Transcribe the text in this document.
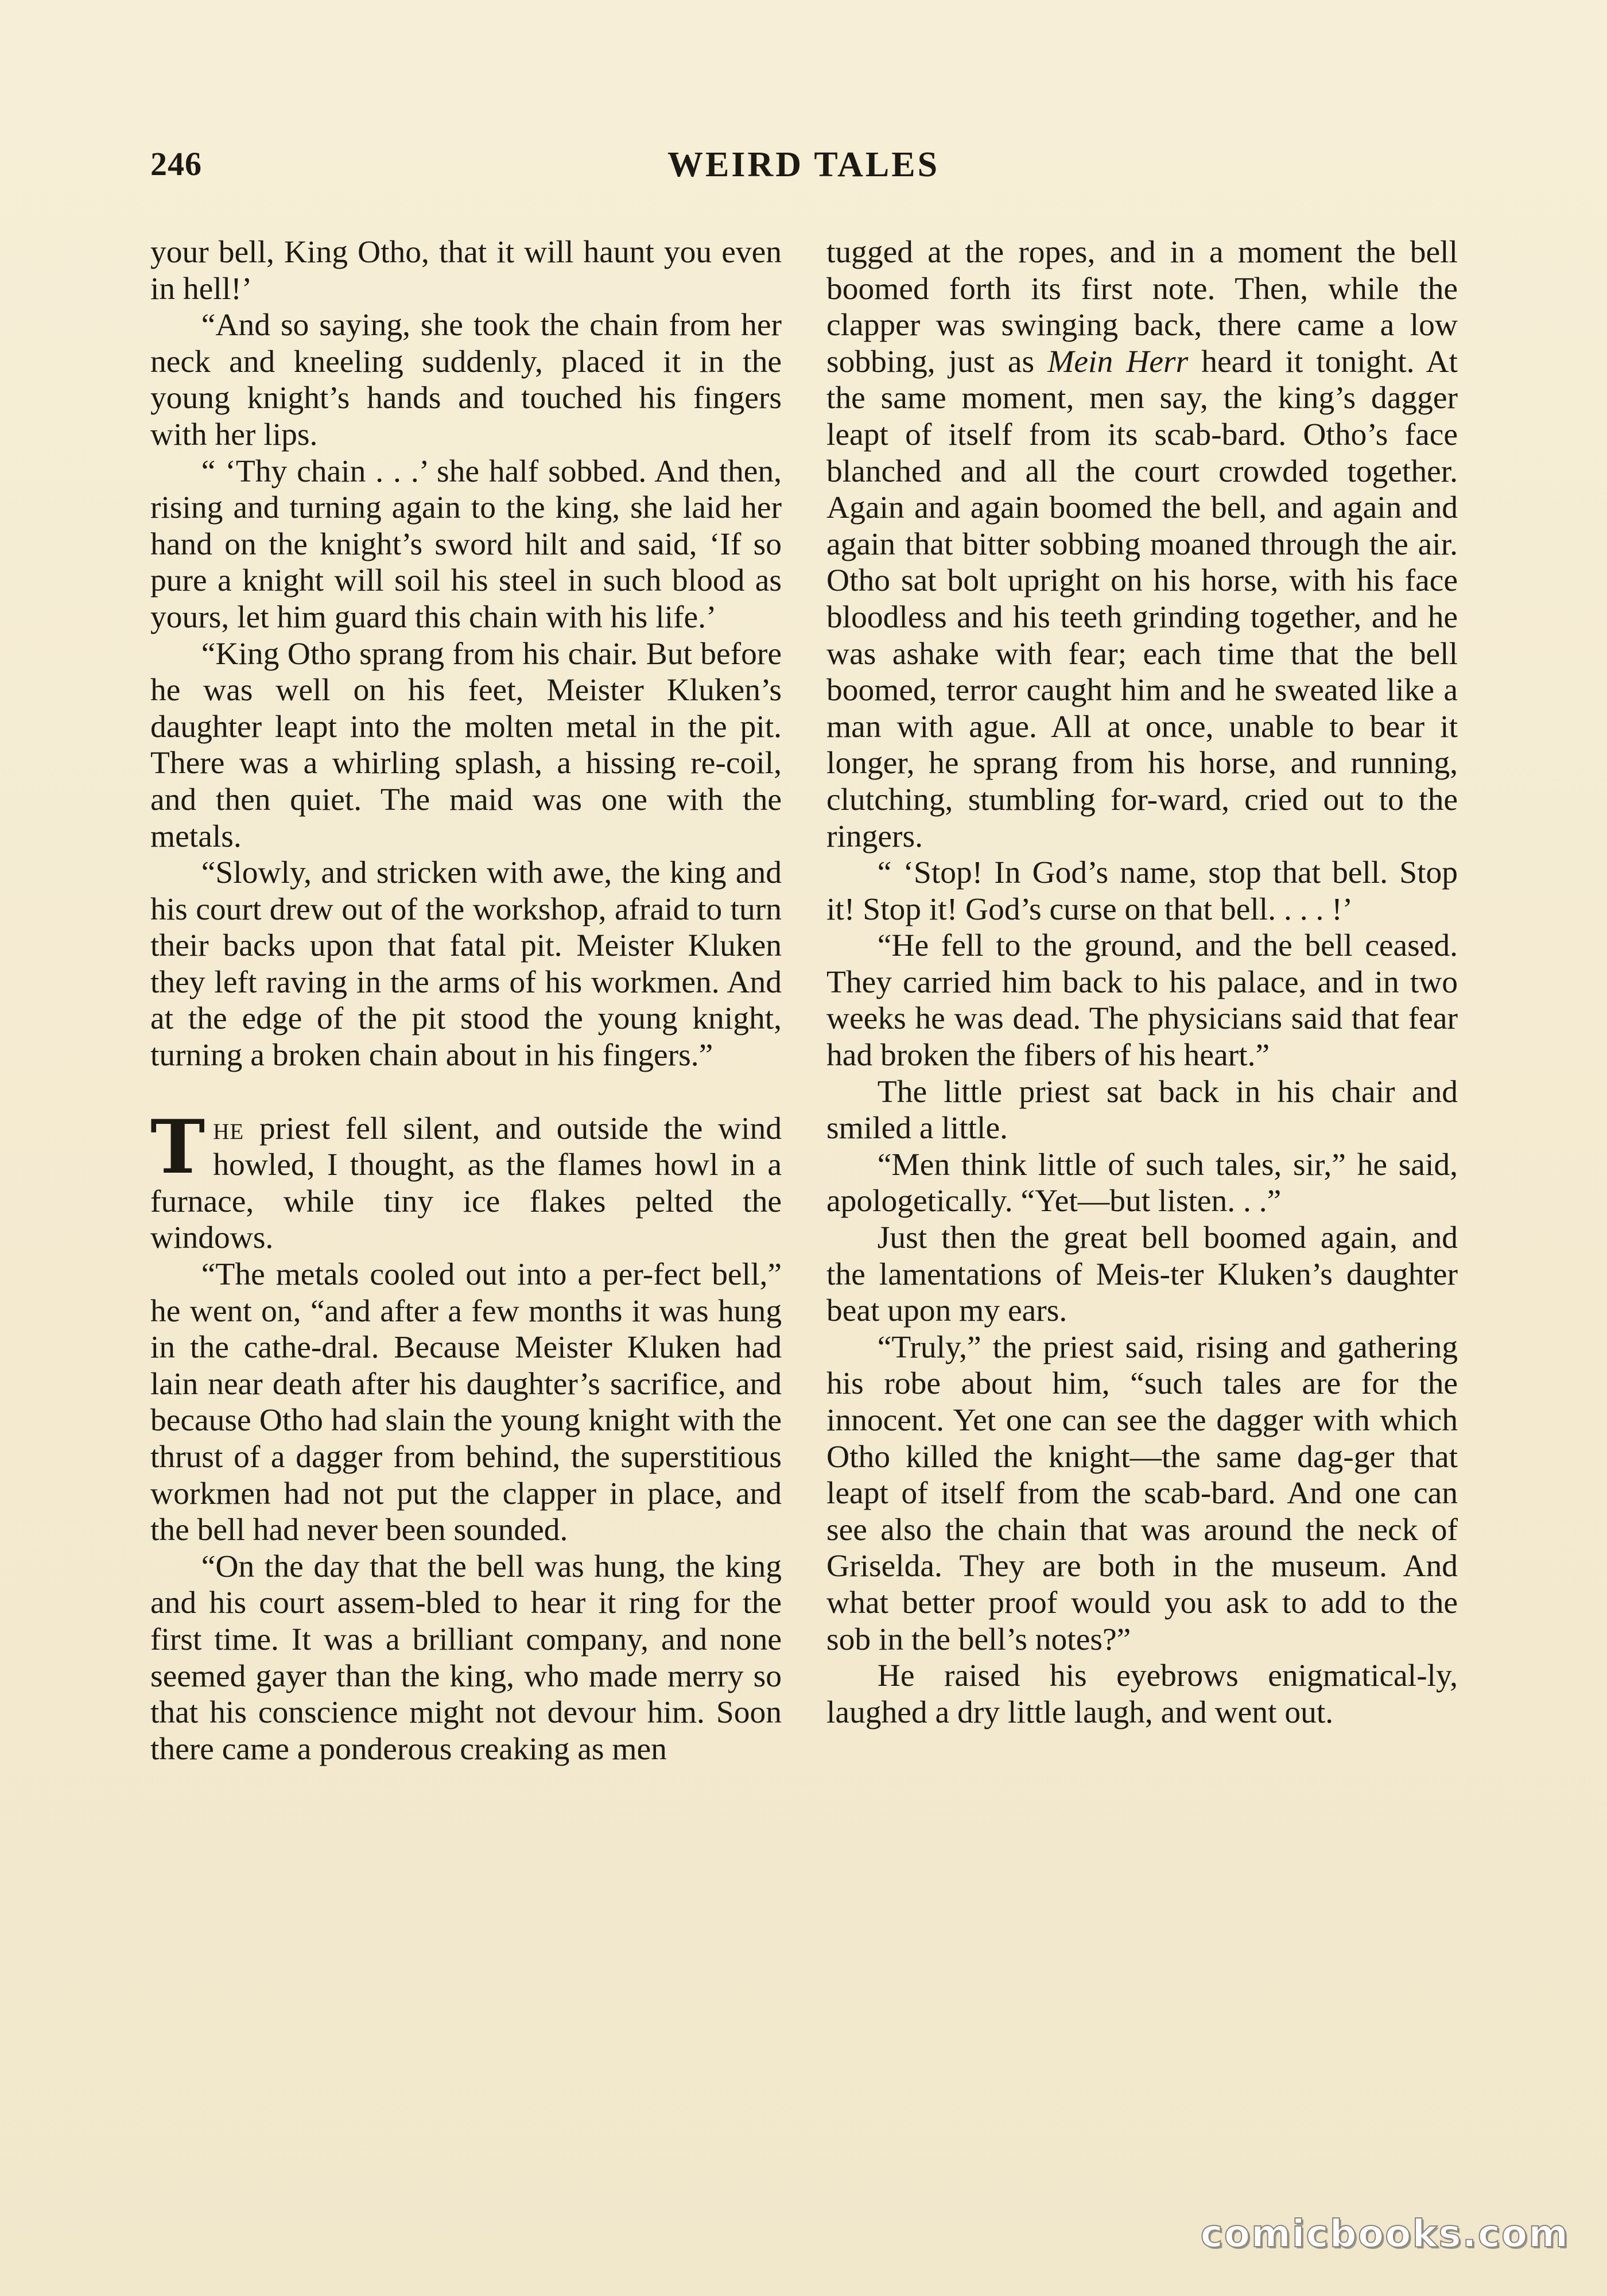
246	WEIRD TALES

your bell, King Otho, that it will haunt you even in hell!’

“And so saying, she took the chain from her neck and kneeling suddenly, placed it in the young knight’s hands and touched his fingers with her lips.

“ ‘Thy chain . . .’ she half sobbed. And then, rising and turning again to the king, she laid her hand on the knight’s sword hilt and said, ‘If so pure a knight will soil his steel in such blood as yours, let him guard this chain with his life.’

“King Otho sprang from his chair. But before he was well on his feet, Meister Kluken’s daughter leapt into the molten metal in the pit. There was a whirling splash, a hissing re-coil, and then quiet. The maid was one with the metals.

“Slowly, and stricken with awe, the king and his court drew out of the workshop, afraid to turn their backs upon that fatal pit. Meister Kluken they left raving in the arms of his workmen. And at the edge of the pit stood the young knight, turning a broken chain about in his fingers.”

The priest fell silent, and outside the wind howled, I thought, as the flames howl in a furnace, while tiny ice flakes pelted the windows.

“The metals cooled out into a per-fect bell,” he went on, “and after a few months it was hung in the cathe-dral. Because Meister Kluken had lain near death after his daughter’s sacrifice, and because Otho had slain the young knight with the thrust of a dagger from behind, the superstitious workmen had not put the clapper in place, and the bell had never been sounded.

“On the day that the bell was hung, the king and his court assem-bled to hear it ring for the first time. It was a brilliant company, and none seemed gayer than the king, who made merry so that his conscience might not devour him. Soon there came a ponderous creaking as men

tugged at the ropes, and in a moment the bell boomed forth its first note. Then, while the clapper was swinging back, there came a low sobbing, just as Mein Herr heard it tonight. At the same moment, men say, the king’s dagger leapt of itself from its scab-bard. Otho’s face blanched and all the court crowded together. Again and again boomed the bell, and again and again that bitter sobbing moaned through the air. Otho sat bolt upright on his horse, with his face bloodless and his teeth grinding together, and he was ashake with fear; each time that the bell boomed, terror caught him and he sweated like a man with ague. All at once, unable to bear it longer, he sprang from his horse, and running, clutching, stumbling for-ward, cried out to the ringers.

“ ‘Stop! In God’s name, stop that bell. Stop it! Stop it! God’s curse on that bell. . . . !’

“He fell to the ground, and the bell ceased. They carried him back to his palace, and in two weeks he was dead. The physicians said that fear had broken the fibers of his heart.”

The little priest sat back in his chair and smiled a little.

“Men think little of such tales, sir,” he said, apologetically. “Yet—but listen. . .”

Just then the great bell boomed again, and the lamentations of Meis-ter Kluken’s daughter beat upon my ears.

“Truly,” the priest said, rising and gathering his robe about him, “such tales are for the innocent. Yet one can see the dagger with which Otho killed the knight—the same dag-ger that leapt of itself from the scab-bard. And one can see also the chain that was around the neck of Griselda. They are both in the museum. And what better proof would you ask to add to the sob in the bell’s notes?”

He raised his eyebrows enigmatical-ly, laughed a dry little laugh, and went out.

comicbooks.com
